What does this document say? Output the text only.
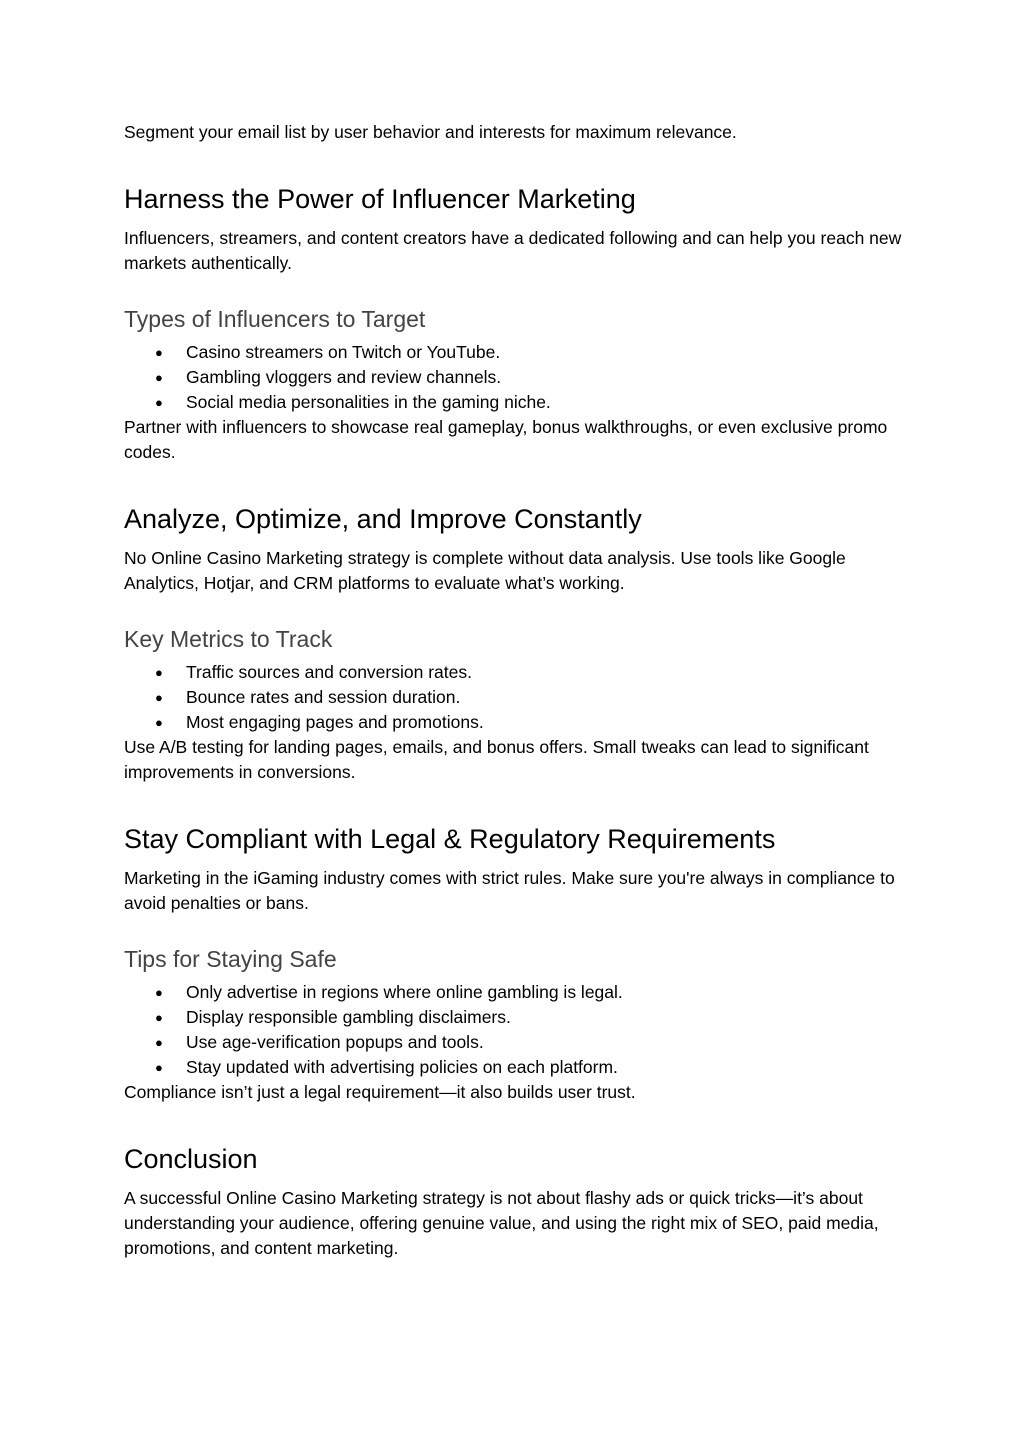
Segment your email list by user behavior and interests for maximum relevance.

Harness the Power of Influencer Marketing

Influencers, streamers, and content creators have a dedicated following and can help you reach new markets authentically.

Types of Influencers to Target
● Casino streamers on Twitch or YouTube.
● Gambling vloggers and review channels.
● Social media personalities in the gaming niche.

Partner with influencers to showcase real gameplay, bonus walkthroughs, or even exclusive promo codes.

Analyze, Optimize, and Improve Constantly

No Online Casino Marketing strategy is complete without data analysis. Use tools like Google Analytics, Hotjar, and CRM platforms to evaluate what’s working.

Key Metrics to Track
● Traffic sources and conversion rates.
● Bounce rates and session duration.
● Most engaging pages and promotions.

Use A/B testing for landing pages, emails, and bonus offers. Small tweaks can lead to significant improvements in conversions.

Stay Compliant with Legal & Regulatory Requirements

Marketing in the iGaming industry comes with strict rules. Make sure you're always in compliance to avoid penalties or bans.

Tips for Staying Safe
● Only advertise in regions where online gambling is legal.
● Display responsible gambling disclaimers.
● Use age-verification popups and tools.
● Stay updated with advertising policies on each platform.

Compliance isn’t just a legal requirement—it also builds user trust.

Conclusion

A successful Online Casino Marketing strategy is not about flashy ads or quick tricks—it’s about understanding your audience, offering genuine value, and using the right mix of SEO, paid media, promotions, and content marketing.
